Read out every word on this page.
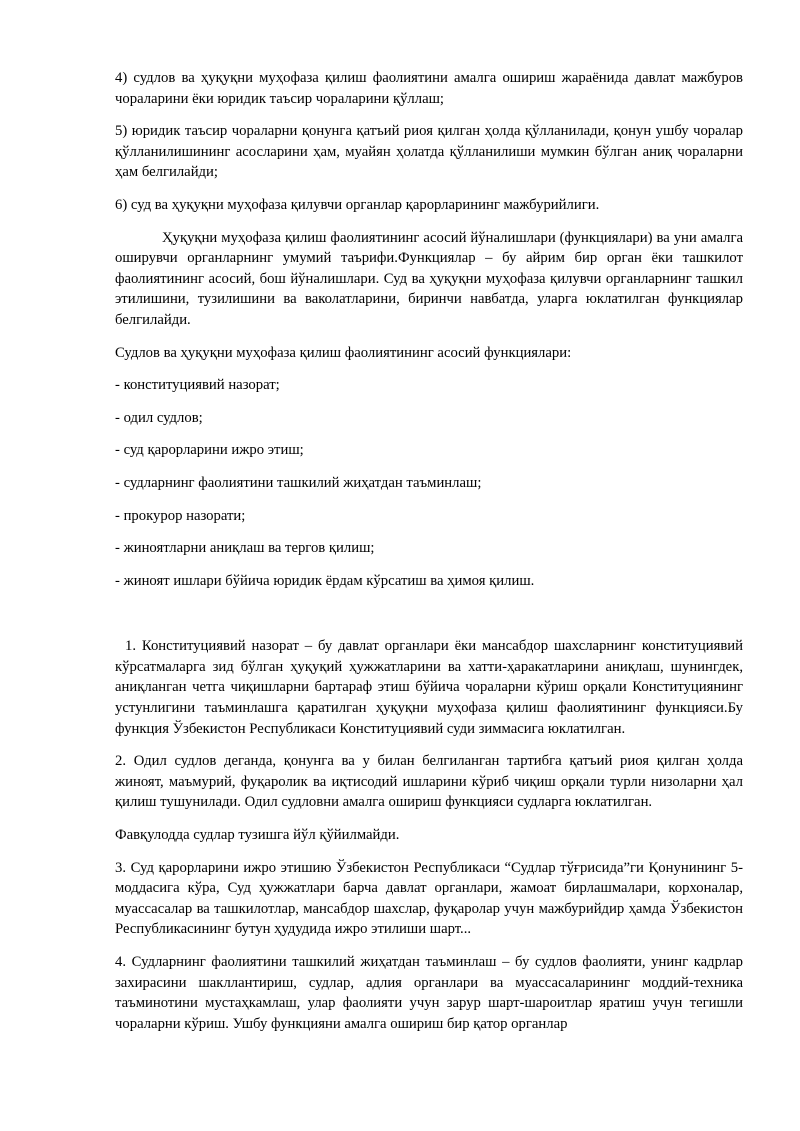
4) судлов ва ҳуқуқни муҳофаза қилиш фаолиятини амалга ошириш жараёнида давлат мажбуров чораларини ёки юридик таъсир чораларини қўллаш;

5) юридик таъсир чораларни қонунга қатъий риоя қилган ҳолда қўлланилади, қонун ушбу чоралар қўлланилишининг асосларини ҳам, муайян ҳолатда қўлланилиши мумкин бўлган аниқ чораларни ҳам белгилайди;

6) суд ва ҳуқуқни муҳофаза қилувчи органлар қарорларининг мажбурийлиги.

Ҳуқуқни муҳофаза қилиш фаолиятининг асосий йўналишлари (функциялари) ва уни амалга оширувчи органларнинг умумий таърифи.Функциялар – бу айрим бир орган ёки ташкилот фаолиятининг асосий, бош йўналишлари. Суд ва ҳуқуқни муҳофаза қилувчи органларнинг ташкил этилишини, тузилишини ва ваколатларини, биринчи навбатда, уларга юклатилган функциялар белгилайди.

Судлов ва ҳуқуқни муҳофаза қилиш фаолиятининг асосий функциялари:

- конституциявий назорат;

- одил судлов;

- суд қарорларини ижро этиш;

- судларнинг фаолиятини ташкилий жиҳатдан таъминлаш;

- прокурор назорати;

- жиноятларни аниқлаш ва тергов қилиш;

- жиноят ишлари бўйича юридик ёрдам кўрсатиш ва ҳимоя қилиш.

1. Конституциявий назорат – бу давлат органлари ёки мансабдор шахсларнинг конституциявий кўрсатмаларга зид бўлган ҳуқуқий ҳужжатларини ва хатти-ҳаракатларини аниқлаш, шунингдек, аниқланган четга чиқишларни бартараф этиш бўйича чораларни кўриш орқали Конституциянинг устунлигини таъминлашга қаратилган ҳуқуқни муҳофаза қилиш фаолиятининг функцияси.Бу функция Ўзбекистон Республикаси Конституциявий суди зиммасига юклатилган.

2. Одил судлов деганда, қонунга ва у билан белгиланган тартибга қатъий риоя қилган ҳолда жиноят, маъмурий, фуқаролик ва иқтисодий ишларини кўриб чиқиш орқали турли низоларни ҳал қилиш тушунилади. Одил судловни амалга ошириш функцияси судларга юклатилган.

Фавқулодда судлар тузишга йўл қўйилмайди.

3. Суд қарорларини ижро этишию Ўзбекистон Республикаси “Судлар тўғрисида”ги Қонунининг 5-моддасига кўра, Суд ҳужжатлари барча давлат органлари, жамоат бирлашмалари, корхоналар, муассасалар ва ташкилотлар, мансабдор шахслар, фуқаролар учун мажбурийдир ҳамда Ўзбекистон Республикасининг бутун ҳудудида ижро этилиши шарт...

4. Судларнинг фаолиятини ташкилий жиҳатдан таъминлаш – бу судлов фаолияти, унинг кадрлар захирасини шакллантириш, судлар, адлия органлари ва муассасаларининг моддий-техника таъминотини мустаҳкамлаш, улар фаолияти учун зарур шарт-шароитлар яратиш учун тегишли чораларни кўриш. Ушбу функцияни амалга ошириш бир қатор органлар
